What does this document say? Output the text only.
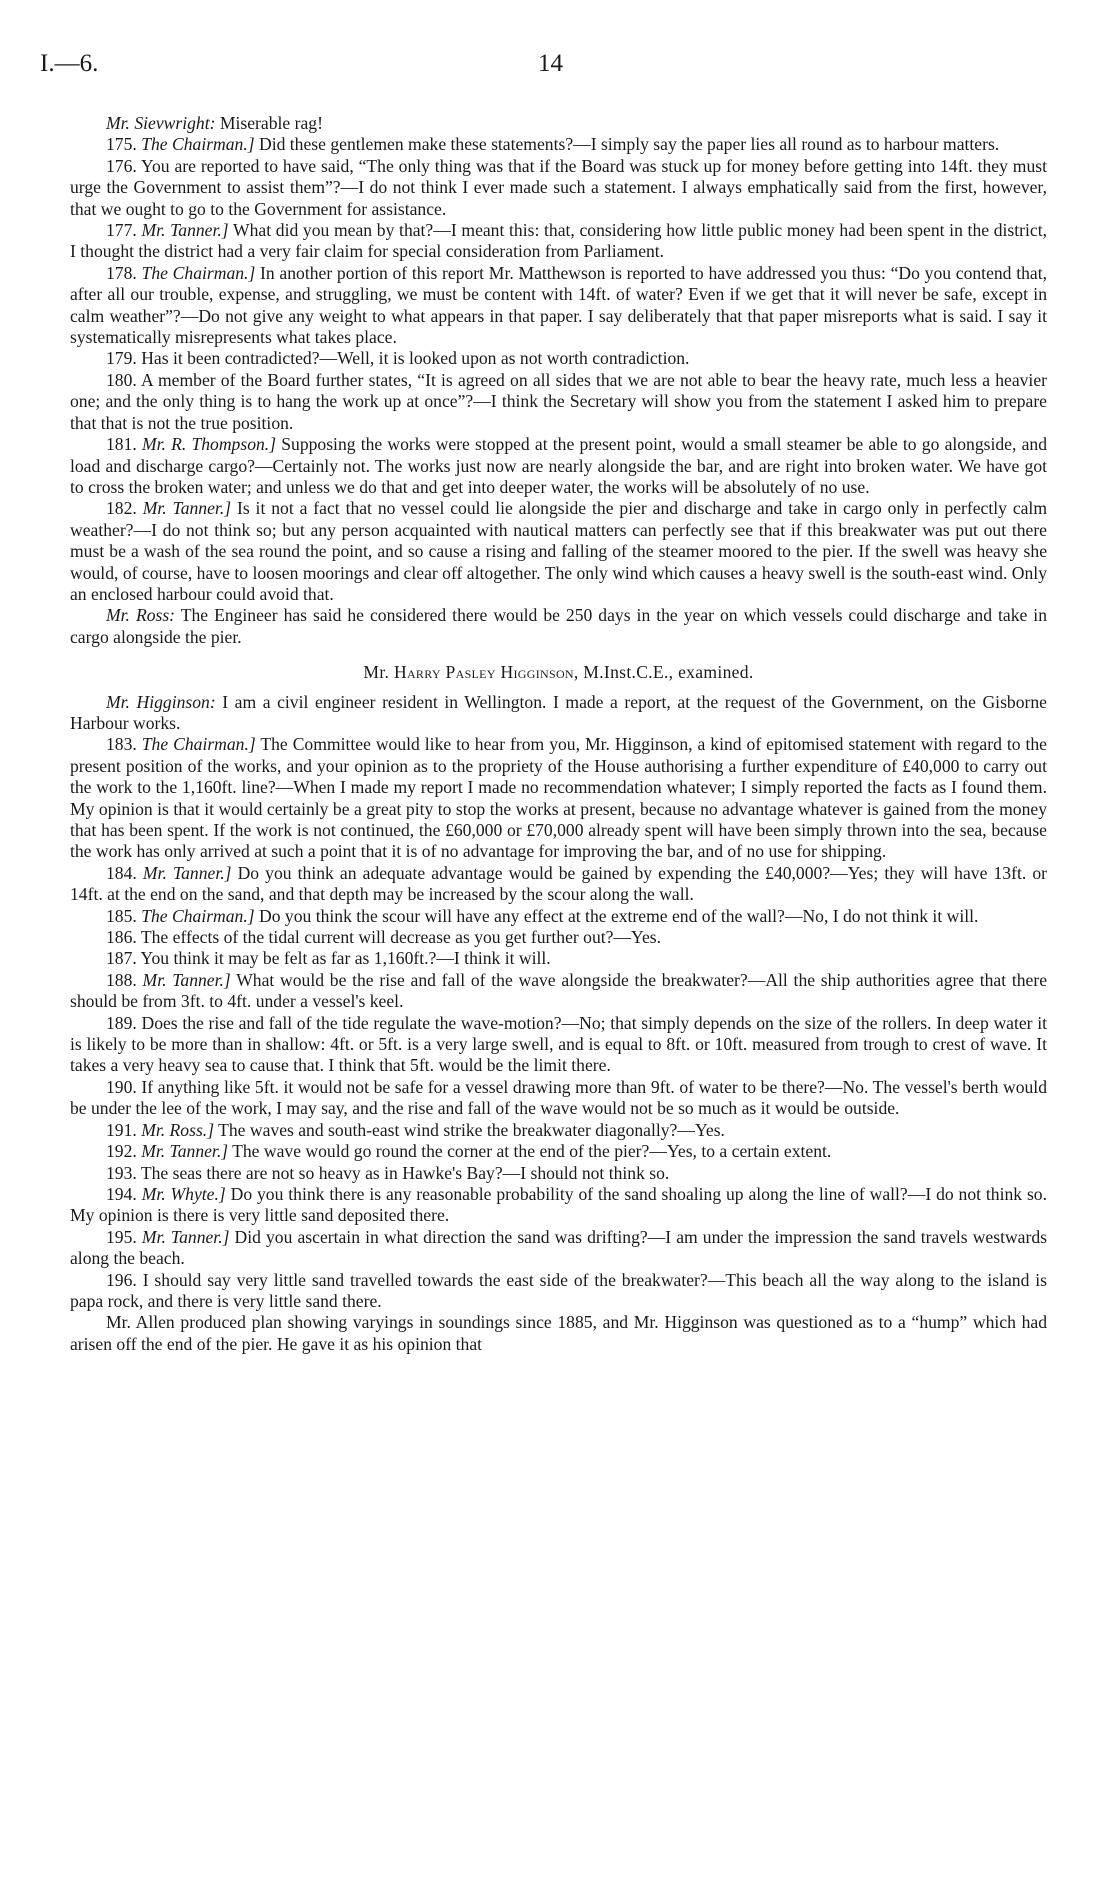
I.—6.	14

Mr. Sievwright: Miserable rag!

175. The Chairman.] Did these gentlemen make these statements?—I simply say the paper lies all round as to harbour matters.

176. You are reported to have said, “The only thing was that if the Board was stuck up for money before getting into 14ft. they must urge the Government to assist them”?—I do not think I ever made such a statement. I always emphatically said from the first, however, that we ought to go to the Government for assistance.

177. Mr. Tanner.] What did you mean by that?—I meant this: that, considering how little public money had been spent in the district, I thought the district had a very fair claim for special consideration from Parliament.

178. The Chairman.] In another portion of this report Mr. Matthewson is reported to have addressed you thus: “Do you contend that, after all our trouble, expense, and struggling, we must be content with 14ft. of water? Even if we get that it will never be safe, except in calm weather”?—Do not give any weight to what appears in that paper. I say deliberately that that paper misreports what is said. I say it systematically misrepresents what takes place.

179. Has it been contradicted?—Well, it is looked upon as not worth contradiction.

180. A member of the Board further states, “It is agreed on all sides that we are not able to bear the heavy rate, much less a heavier one; and the only thing is to hang the work up at once”?—I think the Secretary will show you from the statement I asked him to prepare that that is not the true position.

181. Mr. R. Thompson.] Supposing the works were stopped at the present point, would a small steamer be able to go alongside, and load and discharge cargo?—Certainly not. The works just now are nearly alongside the bar, and are right into broken water. We have got to cross the broken water; and unless we do that and get into deeper water, the works will be absolutely of no use.

182. Mr. Tanner.] Is it not a fact that no vessel could lie alongside the pier and discharge and take in cargo only in perfectly calm weather?—I do not think so; but any person acquainted with nautical matters can perfectly see that if this breakwater was put out there must be a wash of the sea round the point, and so cause a rising and falling of the steamer moored to the pier. If the swell was heavy she would, of course, have to loosen moorings and clear off altogether. The only wind which causes a heavy swell is the south-east wind. Only an enclosed harbour could avoid that.

Mr. Ross: The Engineer has said he considered there would be 250 days in the year on which vessels could discharge and take in cargo alongside the pier.

Mr. Harry Pasley Higginson, M.Inst.C.E., examined.

Mr. Higginson: I am a civil engineer resident in Wellington. I made a report, at the request of the Government, on the Gisborne Harbour works.

183. The Chairman.] The Committee would like to hear from you, Mr. Higginson, a kind of epitomised statement with regard to the present position of the works, and your opinion as to the propriety of the House authorising a further expenditure of £40,000 to carry out the work to the 1,160ft. line?—When I made my report I made no recommendation whatever; I simply reported the facts as I found them. My opinion is that it would certainly be a great pity to stop the works at present, because no advantage whatever is gained from the money that has been spent. If the work is not continued, the £60,000 or £70,000 already spent will have been simply thrown into the sea, because the work has only arrived at such a point that it is of no advantage for improving the bar, and of no use for shipping.

184. Mr. Tanner.] Do you think an adequate advantage would be gained by expending the £40,000?—Yes; they will have 13ft. or 14ft. at the end on the sand, and that depth may be increased by the scour along the wall.

185. The Chairman.] Do you think the scour will have any effect at the extreme end of the wall?—No, I do not think it will.

186. The effects of the tidal current will decrease as you get further out?—Yes.

187. You think it may be felt as far as 1,160ft.?—I think it will.

188. Mr. Tanner.] What would be the rise and fall of the wave alongside the breakwater?—All the ship authorities agree that there should be from 3ft. to 4ft. under a vessel's keel.

189. Does the rise and fall of the tide regulate the wave-motion?—No; that simply depends on the size of the rollers. In deep water it is likely to be more than in shallow: 4ft. or 5ft. is a very large swell, and is equal to 8ft. or 10ft. measured from trough to crest of wave. It takes a very heavy sea to cause that. I think that 5ft. would be the limit there.

190. If anything like 5ft. it would not be safe for a vessel drawing more than 9ft. of water to be there?—No. The vessel's berth would be under the lee of the work, I may say, and the rise and fall of the wave would not be so much as it would be outside.

191. Mr. Ross.] The waves and south-east wind strike the breakwater diagonally?—Yes.

192. Mr. Tanner.] The wave would go round the corner at the end of the pier?—Yes, to a certain extent.

193. The seas there are not so heavy as in Hawke's Bay?—I should not think so.

194. Mr. Whyte.] Do you think there is any reasonable probability of the sand shoaling up along the line of wall?—I do not think so. My opinion is there is very little sand deposited there.

195. Mr. Tanner.] Did you ascertain in what direction the sand was drifting?—I am under the impression the sand travels westwards along the beach.

196. I should say very little sand travelled towards the east side of the breakwater?—This beach all the way along to the island is papa rock, and there is very little sand there.

Mr. Allen produced plan showing varyings in soundings since 1885, and Mr. Higginson was questioned as to a “hump” which had arisen off the end of the pier. He gave it as his opinion that
